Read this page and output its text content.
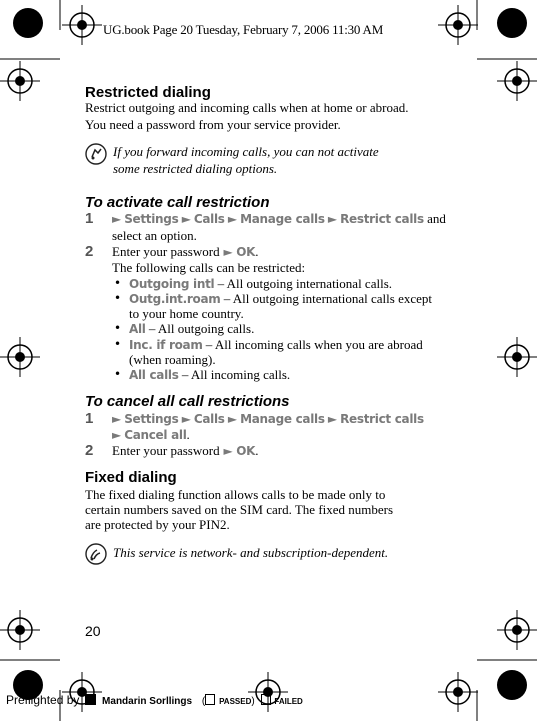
UG.book Page 20 Tuesday, February 7, 2006 11:30 AM
Restricted dialing
Restrict outgoing and incoming calls when at home or abroad.
You need a password from your service provider.
If you forward incoming calls, you can not activate
some restricted dialing options.
To activate call restriction
1 ► Settings ► Calls ► Manage calls ► Restrict calls and
select an option.
2 Enter your password ► OK.
The following calls can be restricted:
• Outgoing intl – All outgoing international calls.
• Outg.int.roam – All outgoing international calls except
to your home country.
• All – All outgoing calls.
• Inc. if roam – All incoming calls when you are abroad
(when roaming).
• All calls – All incoming calls.
To cancel all call restrictions
1 ► Settings ► Calls ► Manage calls ► Restrict calls
► Cancel all.
2 Enter your password ► OK.
Fixed dialing
The fixed dialing function allows calls to be made only to
certain numbers saved on the SIM card. The fixed numbers
are protected by your PIN2.
This service is network- and subscription-dependent.
20
Preflighted by Mandarin Sorllings ( PASSED) FAILED
